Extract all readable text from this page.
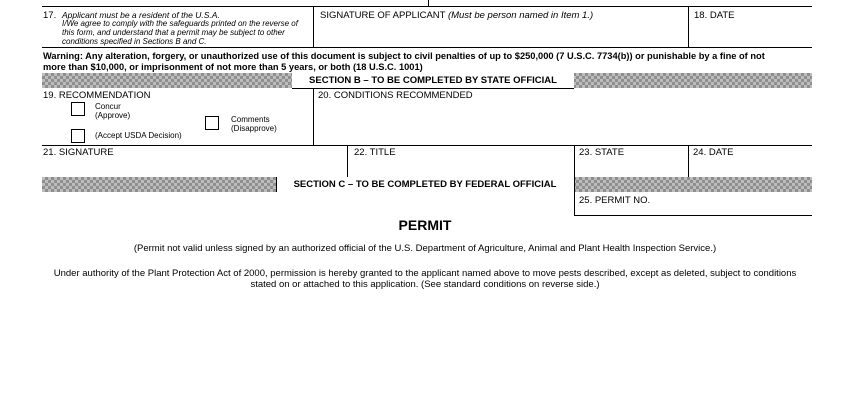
17. Applicant must be a resident of the U.S.A.
I/We agree to comply with the safeguards printed on the reverse of
this form, and understand that a permit may be subject to other
conditions specified in Sections B and C.
SIGNATURE OF APPLICANT (Must be person named in Item 1.)	18. DATE
Warning: Any alteration, forgery, or unauthorized use of this document is subject to civil penalties of up to $250,000 (7 U.S.C. 7734(b)) or punishable by a fine of not
more than $10,000, or imprisonment of not more than 5 years, or both (18 U.S.C. 1001)
SECTION B – TO BE COMPLETED BY STATE OFFICIAL
19. RECOMMENDATION
Concur
(Approve)
(Accept USDA Decision)
Comments
(Disapprove)
20. CONDITIONS RECOMMENDED
21. SIGNATURE	22. TITLE	23. STATE	24. DATE
SECTION C – TO BE COMPLETED BY FEDERAL OFFICIAL
25. PERMIT NO.
PERMIT
(Permit not valid unless signed by an authorized official of the U.S. Department of Agriculture, Animal and Plant Health Inspection Service.)
Under authority of the Plant Protection Act of 2000, permission is hereby granted to the applicant named above to move pests described, except as deleted, subject to conditions
stated on or attached to this application. (See standard conditions on reverse side.)
